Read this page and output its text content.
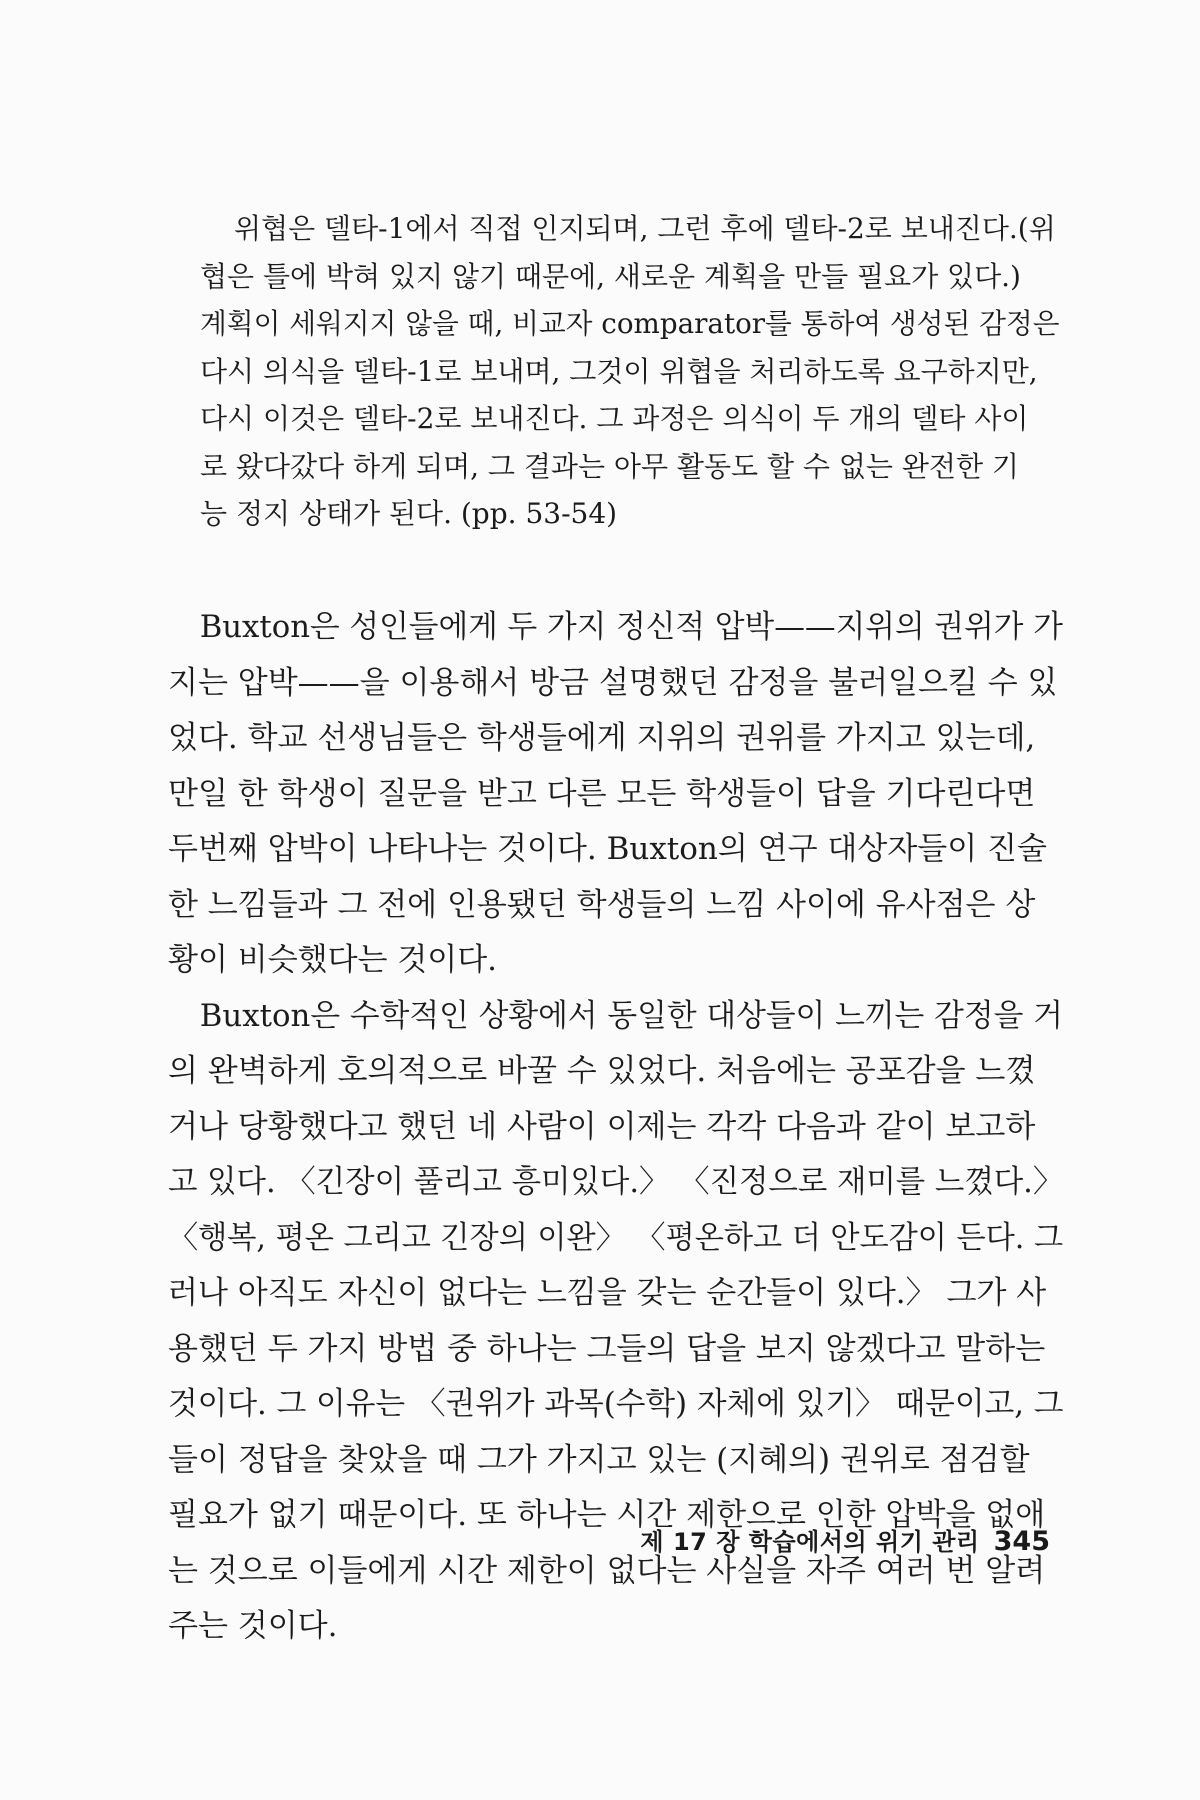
위협은 델타-1에서 직접 인지되며, 그런 후에 델타-2로 보내진다.(위
협은 틀에 박혀 있지 않기 때문에, 새로운 계획을 만들 필요가 있다.)
계획이 세워지지 않을 때, 비교자 comparator를 통하여 생성된 감정은
다시 의식을 델타-1로 보내며, 그것이 위협을 처리하도록 요구하지만,
다시 이것은 델타-2로 보내진다. 그 과정은 의식이 두 개의 델타 사이
로 왔다갔다 하게 되며, 그 결과는 아무 활동도 할 수 없는 완전한 기
능 정지 상태가 된다. (pp. 53-54)
Buxton은 성인들에게 두 가지 정신적 압박——지위의 권위가 가
지는 압박——을 이용해서 방금 설명했던 감정을 불러일으킬 수 있
었다. 학교 선생님들은 학생들에게 지위의 권위를 가지고 있는데,
만일 한 학생이 질문을 받고 다른 모든 학생들이 답을 기다린다면
두번째 압박이 나타나는 것이다. Buxton의 연구 대상자들이 진술
한 느낌들과 그 전에 인용됐던 학생들의 느낌 사이에 유사점은 상
황이 비슷했다는 것이다.
Buxton은 수학적인 상황에서 동일한 대상들이 느끼는 감정을 거
의 완벽하게 호의적으로 바꿀 수 있었다. 처음에는 공포감을 느꼈
거나 당황했다고 했던 네 사람이 이제는 각각 다음과 같이 보고하
고 있다. 〈긴장이 풀리고 흥미있다.〉 〈진정으로 재미를 느꼈다.〉
〈행복, 평온 그리고 긴장의 이완〉 〈평온하고 더 안도감이 든다. 그
러나 아직도 자신이 없다는 느낌을 갖는 순간들이 있다.〉 그가 사
용했던 두 가지 방법 중 하나는 그들의 답을 보지 않겠다고 말하는
것이다. 그 이유는 〈권위가 과목(수학) 자체에 있기〉 때문이고, 그
들이 정답을 찾았을 때 그가 가지고 있는 (지혜의) 권위로 점검할
필요가 없기 때문이다. 또 하나는 시간 제한으로 인한 압박을 없애
는 것으로 이들에게 시간 제한이 없다는 사실을 자주 여러 번 알려
주는 것이다.
제 17 장 학습에서의 위기 관리 345
